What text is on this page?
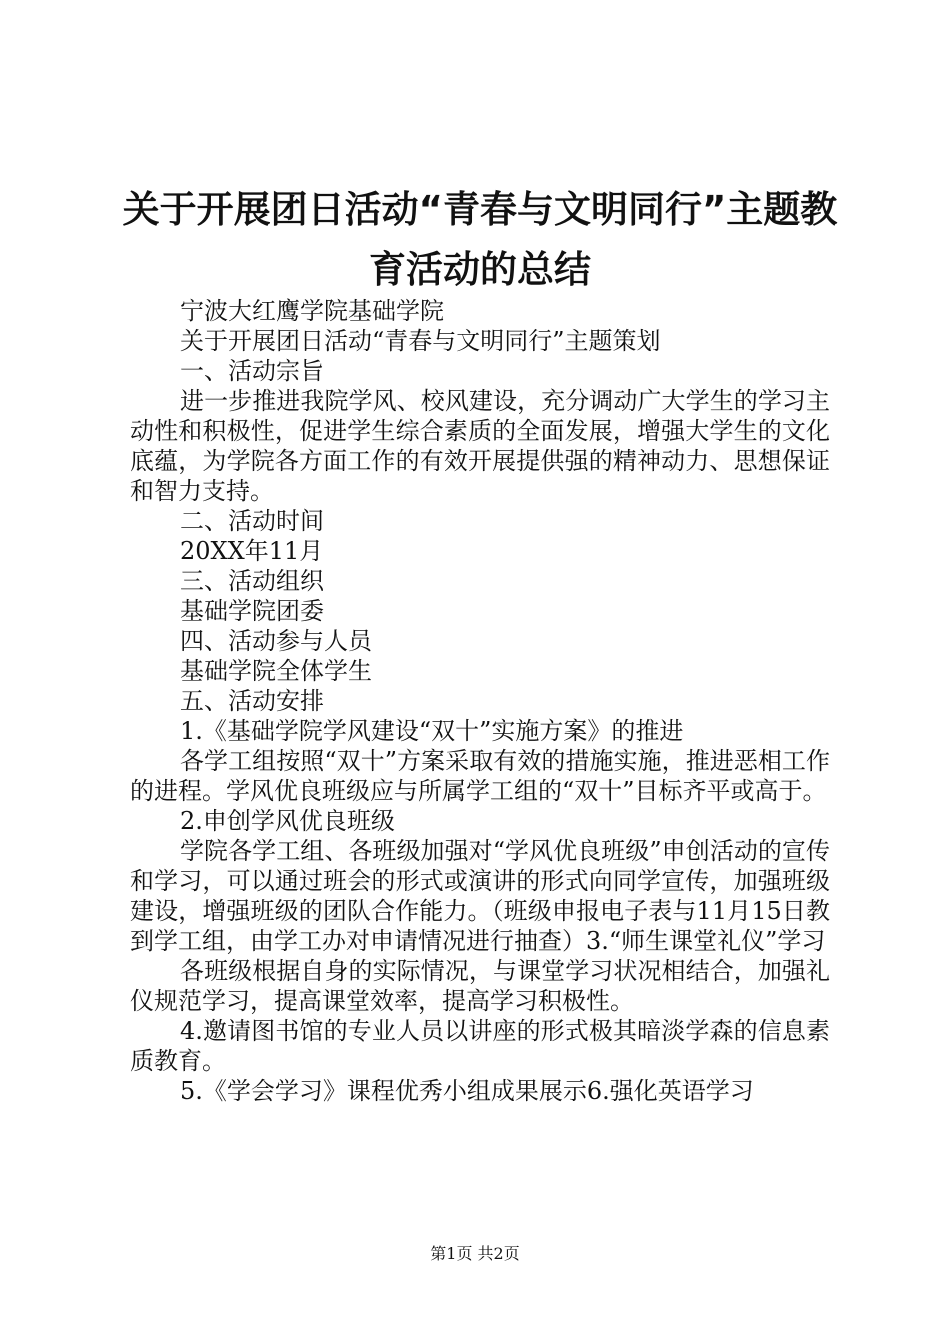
关于开展团日活动“青春与文明同行”主题教
育活动的总结

宁波大红鹰学院基础学院

关于开展团日活动“青春与文明同行”主题策划

一、活动宗旨

进一步推进我院学风、校风建设，充分调动广大学生的学习主动性和积极性，促进学生综合素质的全面发展，增强大学生的文化底蕴，为学院各方面工作的有效开展提供强的精神动力、思想保证和智力支持。

二、活动时间

20XX年11月

三、活动组织

基础学院团委

四、活动参与人员

基础学院全体学生

五、活动安排

1.《基础学院学风建设“双十”实施方案》的推进

各学工组按照“双十”方案采取有效的措施实施，推进恶相工作的进程。学风优良班级应与所属学工组的“双十”目标齐平或高于。

2.申创学风优良班级

学院各学工组、各班级加强对“学风优良班级”申创活动的宣传和学习，可以通过班会的形式或演讲的形式向同学宣传，加强班级建设，增强班级的团队合作能力。（班级申报电子表与11月15日教到学工组，由学工办对申请情况进行抽查）3.“师生课堂礼仪”学习

各班级根据自身的实际情况，与课堂学习状况相结合，加强礼仪规范学习，提高课堂效率，提高学习积极性。

4.邀请图书馆的专业人员以讲座的形式极其暗淡学森的信息素质教育。

5.《学会学习》课程优秀小组成果展示6.强化英语学习

第1页 共2页
